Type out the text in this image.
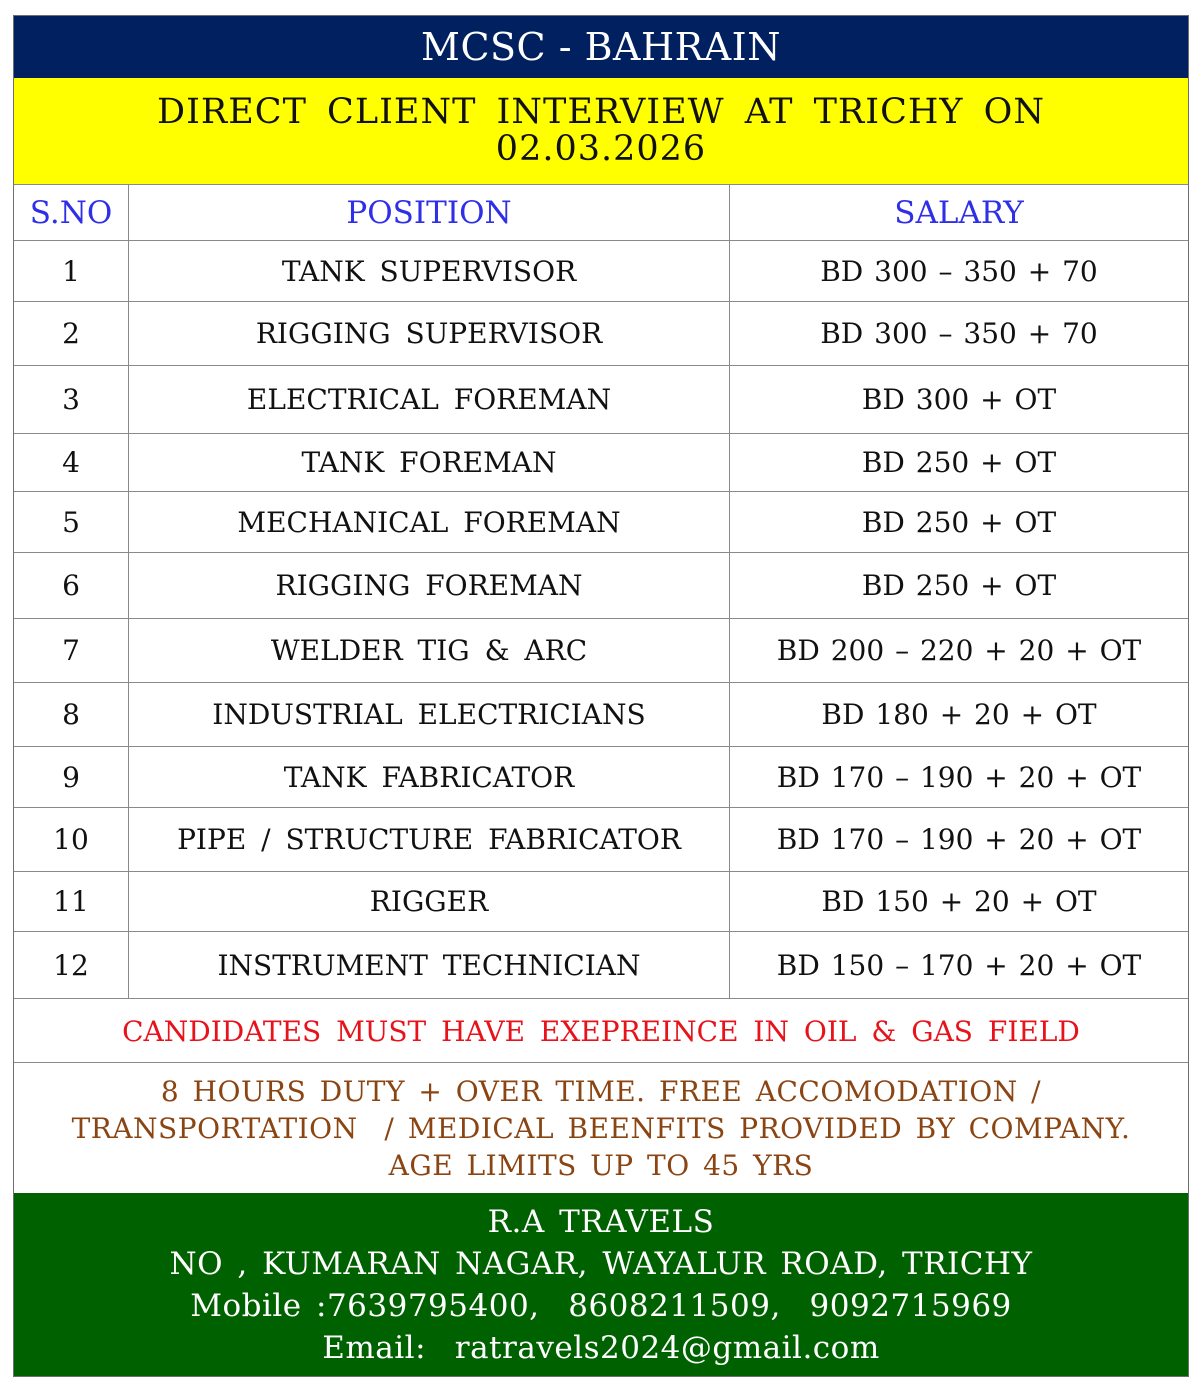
MCSC - BAHRAIN
DIRECT CLIENT INTERVIEW AT TRICHY ON
02.03.2026
S.NO	POSITION	SALARY
1	TANK SUPERVISOR	BD 300 – 350 + 70
2	RIGGING SUPERVISOR	BD 300 – 350 + 70
3	ELECTRICAL FOREMAN	BD 300 + OT
4	TANK FOREMAN	BD 250 + OT
5	MECHANICAL FOREMAN	BD 250 + OT
6	RIGGING FOREMAN	BD 250 + OT
7	WELDER TIG & ARC	BD 200 – 220 + 20 + OT
8	INDUSTRIAL ELECTRICIANS	BD 180 + 20 + OT
9	TANK FABRICATOR	BD 170 – 190 + 20 + OT
10	PIPE / STRUCTURE FABRICATOR	BD 170 – 190 + 20 + OT
11	RIGGER	BD 150 + 20 + OT
12	INSTRUMENT TECHNICIAN	BD 150 – 170 + 20 + OT
CANDIDATES MUST HAVE EXEPREINCE IN OIL & GAS FIELD
8 HOURS DUTY + OVER TIME. FREE ACCOMODATION /
TRANSPORTATION  / MEDICAL BEENFITS PROVIDED BY COMPANY.
AGE LIMITS UP TO 45 YRS
R.A TRAVELS
NO , KUMARAN NAGAR, WAYALUR ROAD, TRICHY
Mobile :7639795400,  8608211509,  9092715969
Email:  ratravels2024@gmail.com
